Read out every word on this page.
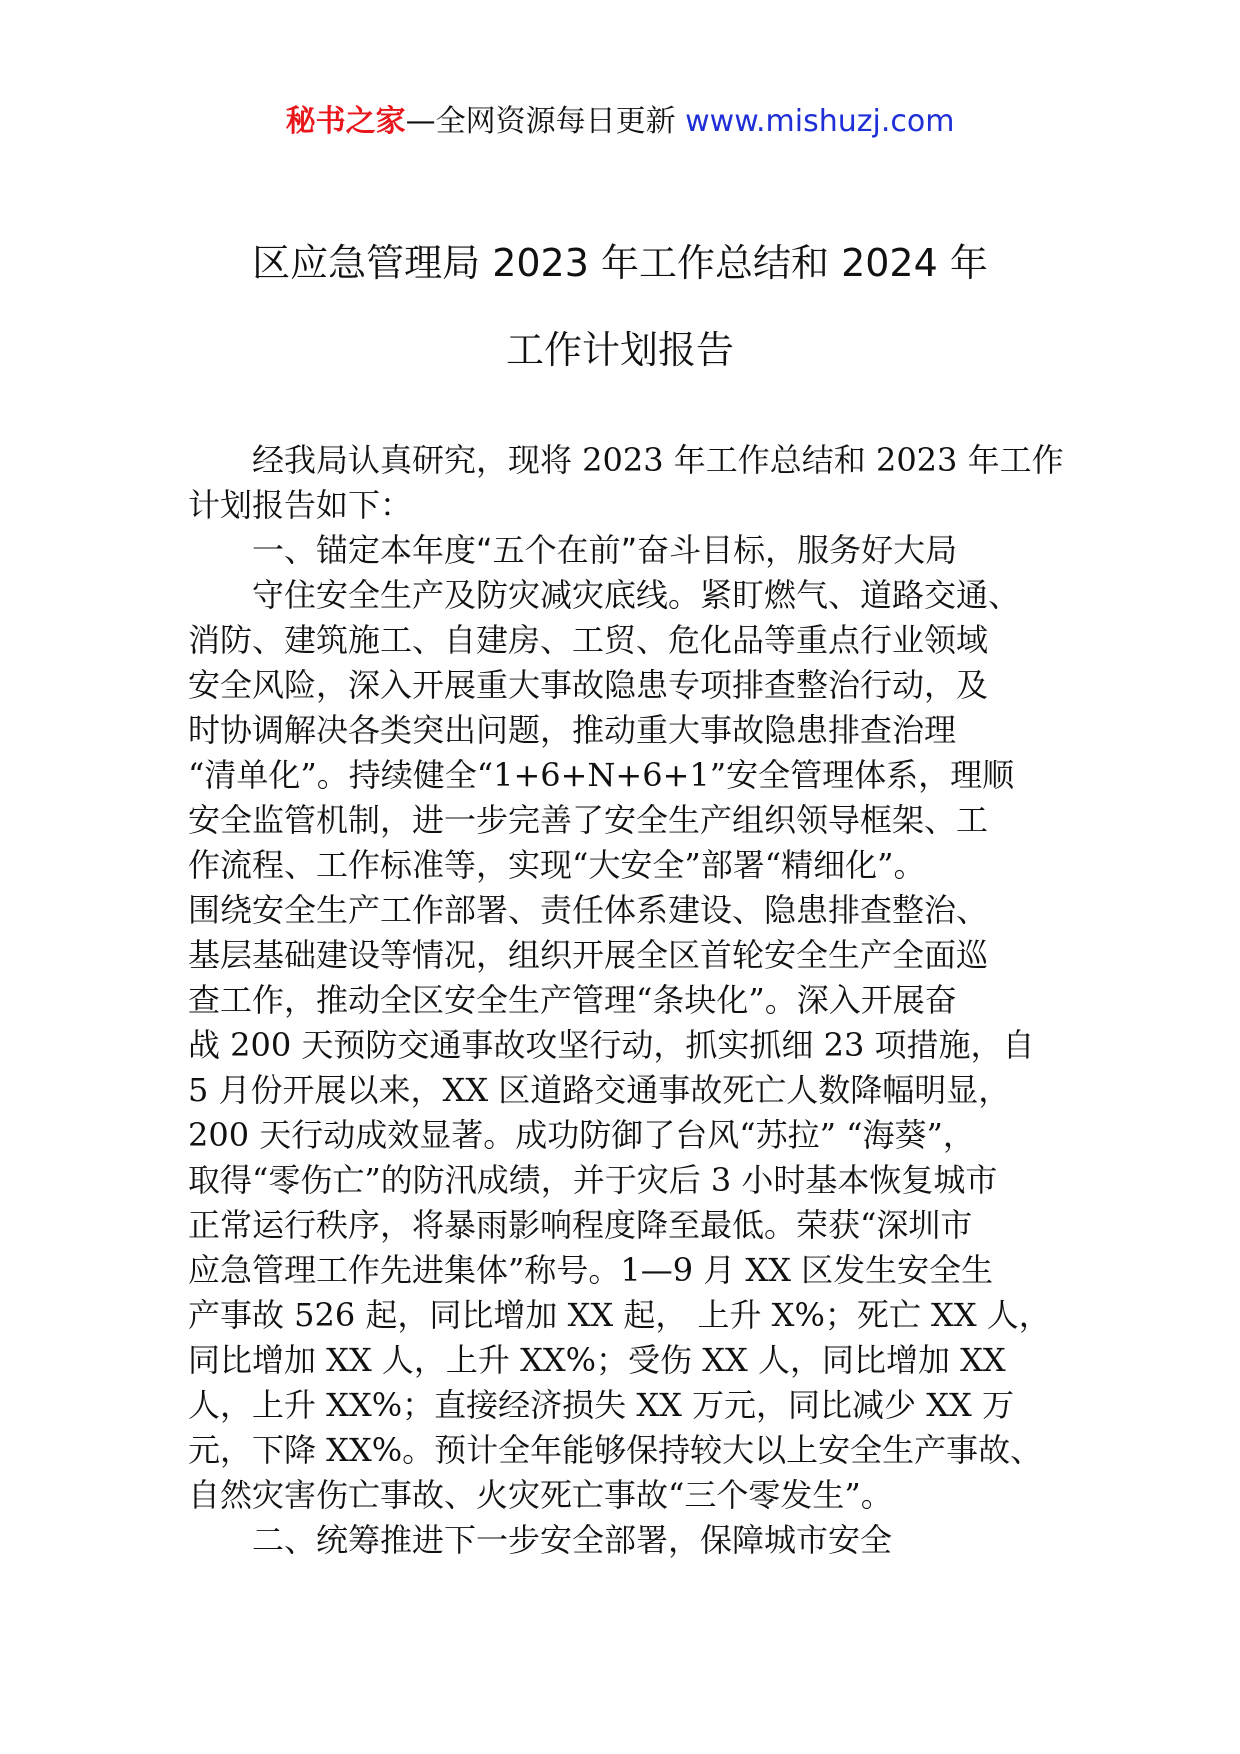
秘书之家—全网资源每日更新 www.mishuzj.com
区应急管理局 2023 年工作总结和 2024 年
工作计划报告
经我局认真研究，现将 2023 年工作总结和 2023 年工作
计划报告如下：
一、锚定本年度“五个在前”奋斗目标，服务好大局
守住安全生产及防灾减灾底线。紧盯燃气、道路交通、
消防、建筑施工、自建房、工贸、危化品等重点行业领域
安全风险，深入开展重大事故隐患专项排查整治行动，及
时协调解决各类突出问题，推动重大事故隐患排查治理
“清单化”。持续健全“1+6+N+6+1”安全管理体系，理顺
安全监管机制，进一步完善了安全生产组织领导框架、工
作流程、工作标准等，实现“大安全”部署“精细化”。
围绕安全生产工作部署、责任体系建设、隐患排查整治、
基层基础建设等情况，组织开展全区首轮安全生产全面巡
查工作，推动全区安全生产管理“条块化”。深入开展奋
战 200 天预防交通事故攻坚行动，抓实抓细 23 项措施，自
5 月份开展以来，XX 区道路交通事故死亡人数降幅明显，
200 天行动成效显著。成功防御了台风“苏拉” “海葵”，
取得“零伤亡”的防汛成绩，并于灾后 3 小时基本恢复城市
正常运行秩序，将暴雨影响程度降至最低。荣获“深圳市
应急管理工作先进集体”称号。1—9 月 XX 区发生安全生
产事故 526 起，同比增加 XX 起， 上升 X%；死亡 XX 人，
同比增加 XX 人，上升 XX%；受伤 XX 人，同比增加 XX
人，上升 XX%；直接经济损失 XX 万元，同比减少 XX 万
元，下降 XX%。预计全年能够保持较大以上安全生产事故、
自然灾害伤亡事故、火灾死亡事故“三个零发生”。
二、统筹推进下一步安全部署，保障城市安全
